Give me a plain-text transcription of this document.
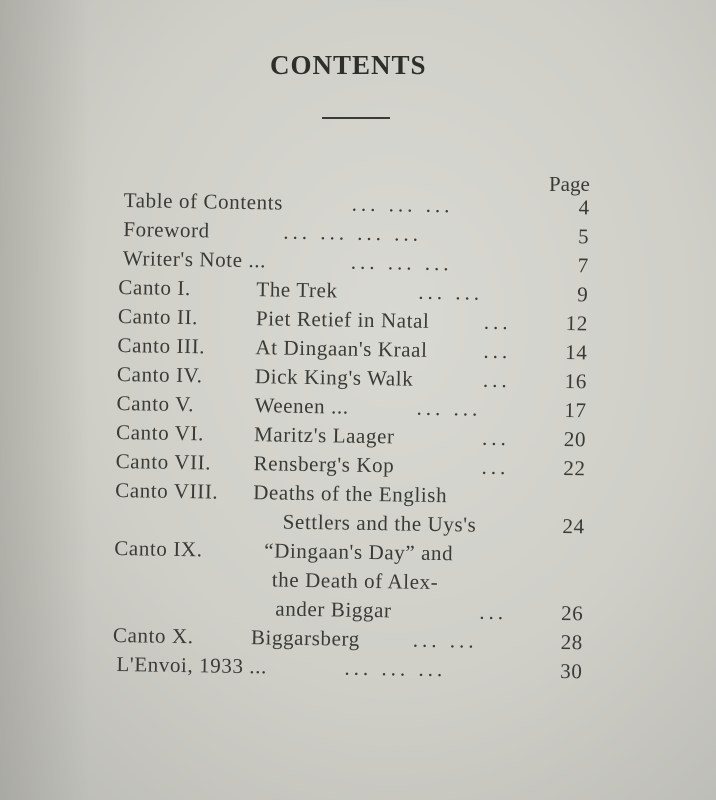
CONTENTS
Page
Table of Contents	... ... ...	4
Foreword	... ... ... ...	5
Writer's Note ...	... ... ...	7
Canto I.	The Trek	... ...	9
Canto II.	Piet Retief in Natal	...	12
Canto III. At Dingaan's Kraal	...	14
Canto IV. Dick King's Walk	...	16
Canto V.	Weenen ...	... ...	17
Canto VI. Maritz's Laager	...	20
Canto VII. Rensberg's Kop	...	22
Canto VIII. Deaths of the English
Settlers and the Uys's	24
Canto IX.	“Dingaan's Day” and
the Death of Alex-
ander Biggar	...	26
Canto X.	Biggarsberg	... ...	28
L'Envoi, 1933 ...	... ... ...	30
